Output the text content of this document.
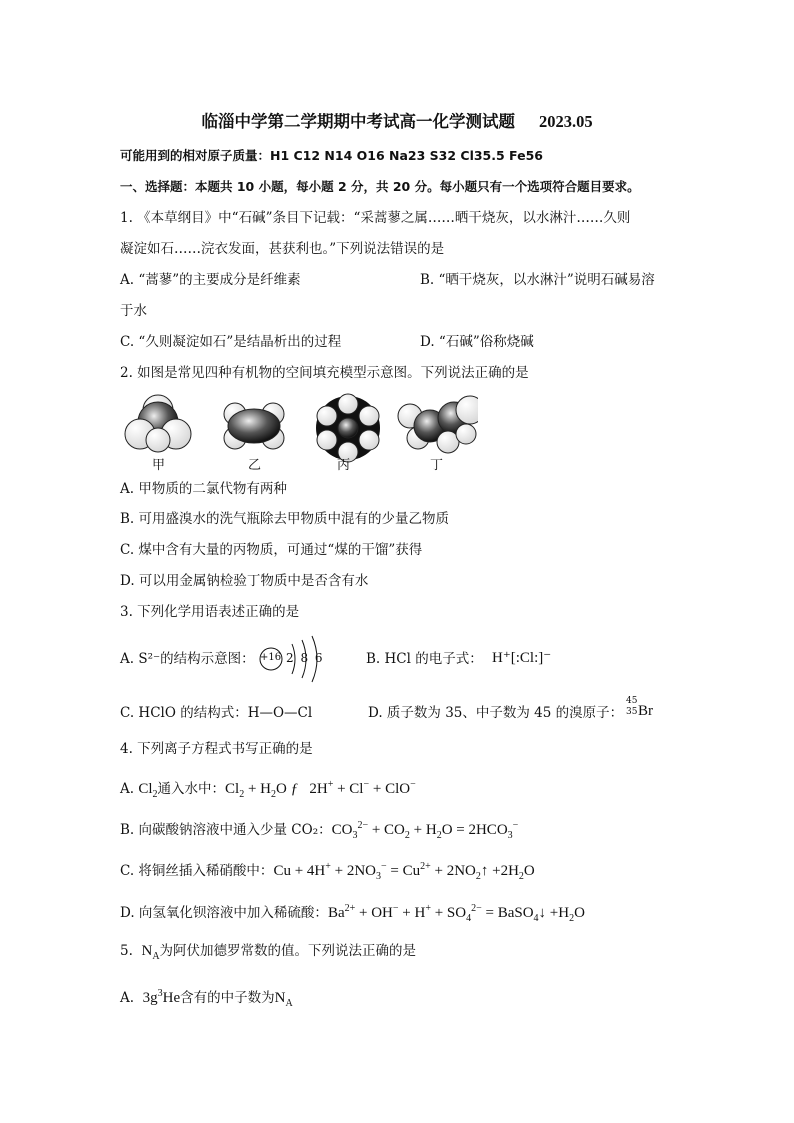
临淄中学第二学期期中考试高一化学测试题 2023.05
可能用到的相对原子质量：H1 C12 N14 O16 Na23 S32 Cl35.5 Fe56
一、选择题：本题共 10 小题，每小题 2 分，共 20 分。每小题只有一个选项符合题目要求。
1. 《本草纲目》中“石碱”条目下记载：“采蒿蓼之属……晒干烧灰，以水淋汁……久则
凝淀如石……浣衣发面，甚获利也。”下列说法错误的是
A. “蒿蓼”的主要成分是纤维素	B. “晒干烧灰，以水淋汁”说明石碱易溶
于水
C. “久则凝淀如石”是结晶析出的过程	D. “石碱”俗称烧碱
2. 如图是常见四种有机物的空间填充模型示意图。下列说法正确的是
甲	乙	丙	丁
A. 甲物质的二氯代物有两种
B. 可用盛溴水的洗气瓶除去甲物质中混有的少量乙物质
C. 煤中含有大量的丙物质，可通过“煤的干馏”获得
D. 可以用金属钠检验丁物质中是否含有水
3. 下列化学用语表述正确的是
A. S²⁻的结构示意图： +16 2 8 6	B. HCl 的电子式： H⁺[:Cl:]⁻
C. HClO 的结构式：H—O—Cl	D. 质子数为 35、中子数为 45 的溴原子：
45
35 Br
4. 下列离子方程式书写正确的是
A. $Cl_2$通入水中：$Cl_2 + H_2O$ ƒ   2H+ + Cl− + ClO−
B. 向碳酸钠溶液中通入少量 CO₂：$CO_3^{2-} + CO_2 + H_2O = 2HCO_3^-$
C. 将铜丝插入稀硝酸中：$Cu + 4H^+ + 2NO_3^- = Cu^{2+}$ + $2NO_2↑ +2H_2O$
D. 向氢氧化钡溶液中加入稀硫酸：$Ba^{2+} + OH^- + H^+ + SO_4^{2-}$ = BaSO$_4$↓ $+H_2O$
5.  $N_A$为阿伏加德罗常数的值。下列说法正确的是
A.  $3g^3He$含有的中子数为$N_A$
